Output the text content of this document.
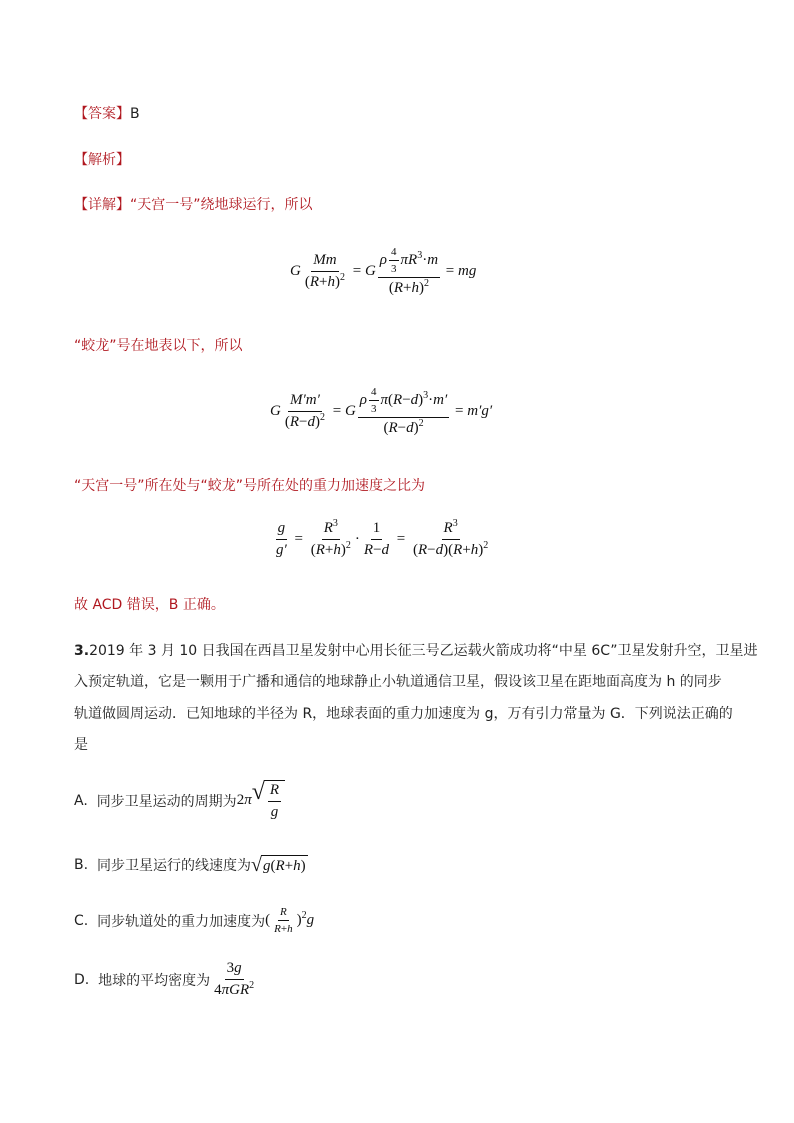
【答案】B
【解析】
【详解】“天宫一号”绕地球运行，所以
G $\frac{Mm}{(R+h)^2} = G \frac{\rho \frac{4}{3} \pi R^3\cdot m}{(R+h)^2}$ = mg
“蛟龙”号在地表以下，所以
G $\frac{M'm'}{(R-d)^2} = G \frac{\rho \frac{4}{3} \pi(R-d)^3\cdot m'}{(R-d)^2} = m'g'$
“天宫一号”所在处与“蛟龙”号所在处的重力加速度之比为
$\frac{g}{g'} = \frac{R^3}{(R+h)^2} \cdot \frac{1}{R-d} = \frac{R^3}{(R-d)(R+h)^2}$
故 ACD 错误，B 正确。
3.2019 年 3 月 10 日我国在西昌卫星发射中心用长征三号乙运载火箭成功将“中星 6C”卫星发射升空，卫星进
入预定轨道，它是一颗用于广播和通信的地球静止小轨道通信卫星，假设该卫星在距地面高度为 h 的同步
轨道做圆周运动．已知地球的半径为 R，地球表面的重力加速度为 g，万有引力常量为 G．下列说法正确的
是
A.
同步卫星运动的周期为 2π √ $\frac{R}{g}$
B.
同步卫星运行的线速度为 √ g ( R + h )
C.
同步轨道处的重力加速度为 ( $\frac{R}{R+h} )^2g$
D.
地球的平均密度为 $\frac{3g}{4\pi GR^2}$
